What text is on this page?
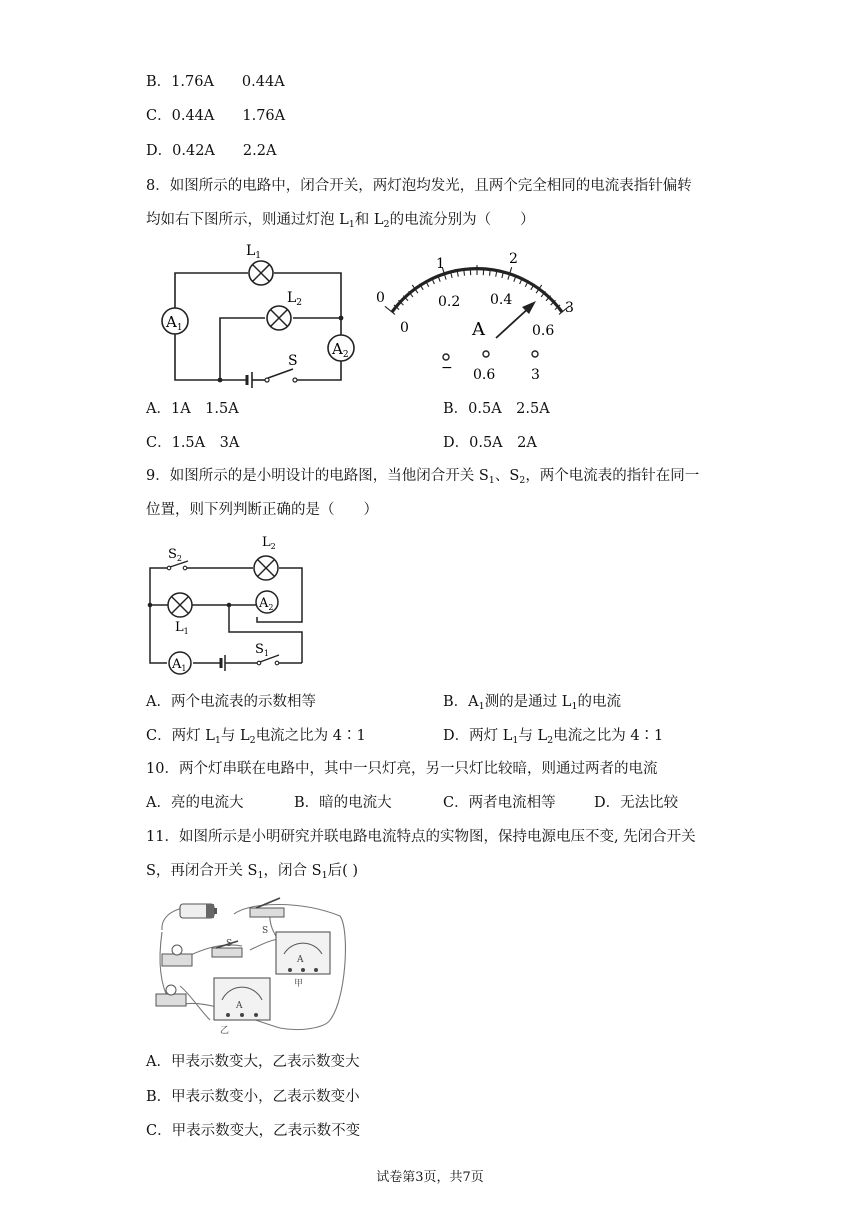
B．1.76A 0.44A
C．0.44A 1.76A
D．0.42A 2.2A
8．如图所示的电路中，闭合开关，两灯泡均发光，且两个完全相同的电流表指针偏转
均如右下图所示，则通过灯泡 $L_1$和 $L_2$的电流分别为（　　）
$A_1$
$A_2$
$L_1$
$L_2$
S
0
1	2
3
0
0.2 0.4
0.6
A
− 0.6	3
A．1A　1.5A	B．0.5A　2.5A
C．1.5A　3A	D．0.5A　2A
9．如图所示的是小明设计的电路图，当他闭合开关 $S_1$、$S_2$，两个电流表的指针在同一
位置，则下列判断正确的是（　　）
$A_2$
$A_1$
$S_2$
$L_2$
$L_1$
$S_1$
A．两个电流表的示数相等	B．$A_1$测的是通过 $L_1$的电流
C．两灯 $L_1$与 $L_2$电流之比为 4∶1	D．两灯 $L_1$与 $L_2$电流之比为 4∶1
10．两个灯串联在电路中，其中一只灯亮，另一只灯比较暗，则通过两者的电流
A．亮的电流大	B．暗的电流大	C．两者电流相等	D．无法比较
11．如图所示是小明研究并联电路电流特点的实物图，保持电源电压不变, 先闭合开关
S，再闭合开关 $S_1$，闭合 $S_1$后( )
S
S
A
甲
A
乙
A．甲表示数变大，乙表示数变大
B．甲表示数变小，乙表示数变小
C．甲表示数变大，乙表示数不变
试卷第3页，共7页
